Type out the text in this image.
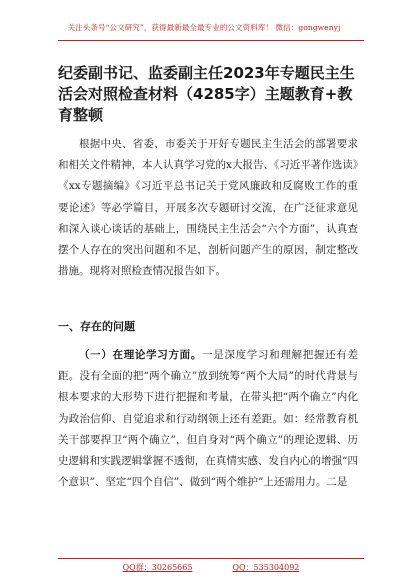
关注头条号“公文研究”，获得最新最全最专业的公文资料库！ 微信：gongwenyj
纪委副书记、监委副主任2023年专题民主生活会对照检查材料（4285字）主题教育+教育整顿

根据中央、省委、市委关于开好专题民主生活会的部署要求和相关文件精神，本人认真学习党的x大报告、《习近平著作选读》《xx专题摘编》《习近平总书记关于党风廉政和反腐败工作的重要论述》等必学篇目，开展多次专题研讨交流，在广泛征求意见和深入谈心谈话的基础上，围绕民主生活会“六个方面”，认真查摆个人存在的突出问题和不足，剖析问题产生的原因，制定整改措施。现将对照检查情况报告如下。

一、存在的问题

（一）在理论学习方面。一是深度学习和理解把握还有差距。没有全面的把“两个确立”放到统筹“两个大局”的时代背景与根本要求的大形势下进行把握和考量，在带头把“两个确立”内化为政治信仰、自觉追求和行动纲领上还有差距。如：经常教育机关干部要捍卫“两个确立”，但自身对“两个确立”的理论逻辑、历史逻辑和实践逻辑掌握不透彻，在真情实感、发自内心的增强“四个意识”、坚定“四个自信”、做到“两个维护”上还需用力。二是

QQ群：30265665	QQ：535304092
